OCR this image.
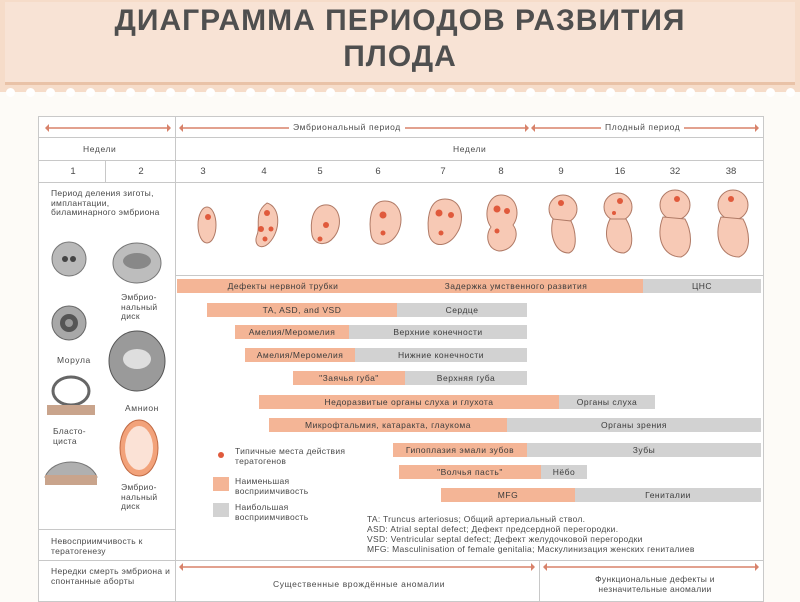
ДИАГРАММА ПЕРИОДОВ РАЗВИТИЯ
ПЛОДА
Эмбриональный период	Плодный период
Недели	Недели
1	2	3	4	5	6	7	8	9	16	32	38
Период деления зиготы, имплантации, биламинарного эмбриона
Морула
Бласто-циста
Эмбрио-нальный диск
Амнион
Эмбрио-нальный диск
Невосприимчивость к тератогенезу
Нередки смерть эмбриона и спонтанные аборты
Дефекты нервной трубки	Задержка умственного развития	ЦНС
TA, ASD, and VSD	Сердце
Амелия/Меромелия	Верхние конечности
Амелия/Меромелия	Нижние конечности
"Заячья губа"	Верхняя губа
Недоразвитые органы слуха и глухота	Органы слуха
Микрофтальмия, катаракта, глаукома	Органы зрения
Гипоплазия эмали зубов	Зубы
"Волчья пасть"	Нёбо
MFG	Гениталии
Типичные места действия тератогенов
Наименьшая восприимчивость
Наибольшая восприимчивость	TA: Truncus arteriosus; Общий артериальный ствол.
ASD: Atrial septal defect; Дефект предсердной перегородки.
VSD: Ventricular septal defect; Дефект желудочковой перегородки
MFG: Masculinisation of female genitalia; Маскулинизация женских гениталиев
Существенные врождённые аномалии	Функциональные дефекты и незначительные аномалии
